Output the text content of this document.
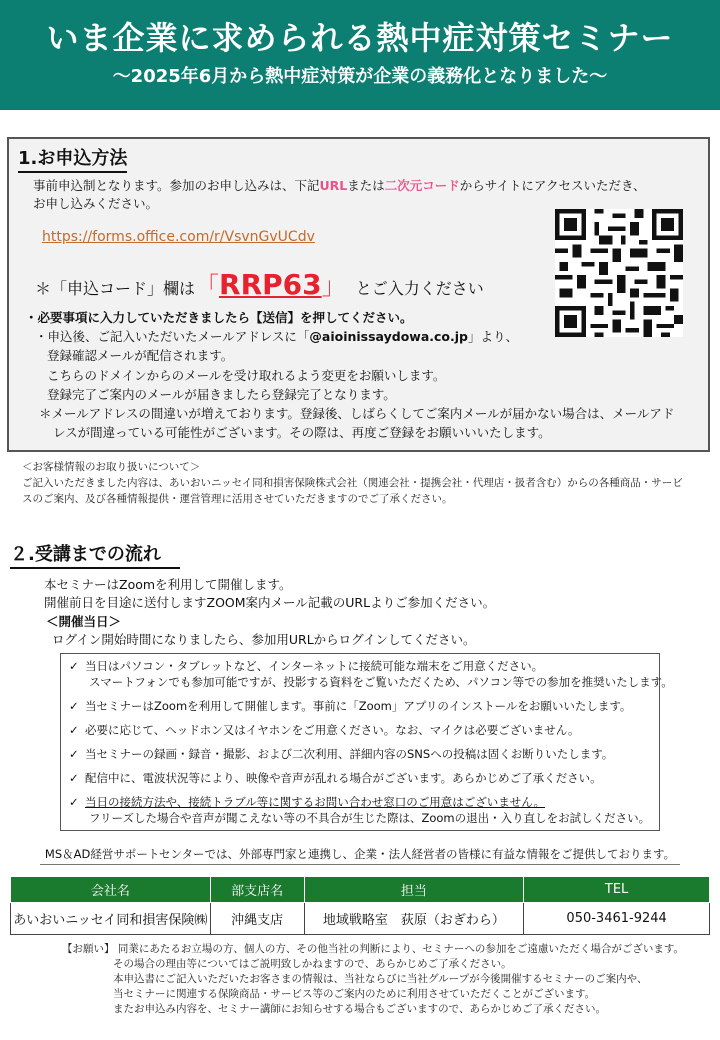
いま企業に求められる熱中症対策セミナー
～2025年6月から熱中症対策が企業の義務化となりました～
1.お申込方法
事前申込制となります。参加のお申し込みは、下記URLまたは二次元コードからサイトにアクセスいただき、
お申し込みください。
https://forms.office.com/r/VsvnGvUCdv
＊「申込コード」欄は「RRP63」 とご入力ください
・必要事項に入力していただきましたら【送信】を押してください。
・申込後、ご記入いただいたメールアドレスに「@aioinissaydowa.co.jp」より、
登録確認メールが配信されます。
こちらのドメインからのメールを受け取れるよう変更をお願いします。
登録完了ご案内のメールが届きましたら登録完了となります。
＊メールアドレスの間違いが増えております。登録後、しばらくしてご案内メールが届かない場合は、メールアド
レスが間違っている可能性がございます。その際は、再度ご登録をお願いいいたします。
＜お客様情報のお取り扱いについて＞
ご記入いただきました内容は、あいおいニッセイ同和損害保険株式会社（関連会社・提携会社・代理店・扱者含む）からの各種商品・サービ
スのご案内、及び各種情報提供・運営管理に活用させていただきますのでご了承ください。
２.受講までの流れ
本セミナーはZoomを利用して開催します。
開催前日を目途に送付しますZOOM案内メール記載のURLよりご参加ください。
＜開催当日＞
ログイン開始時間になりましたら、参加用URLからログインしてください。
✓ 当日はパソコン・タブレットなど、インターネットに接続可能な端末をご用意ください。
スマートフォンでも参加可能ですが、投影する資料をご覧いただくため、パソコン等での参加を推奨いたします。
✓ 当セミナーはZoomを利用して開催します。事前に「Zoom」アプリのインストールをお願いいたします。
✓ 必要に応じて、ヘッドホン又はイヤホンをご用意ください。なお、マイクは必要ございません。
✓ 当セミナーの録画・録音・撮影、および二次利用、詳細内容のSNSへの投稿は固くお断りいたします。
✓ 配信中に、電波状況等により、映像や音声が乱れる場合がございます。あらかじめご了承ください。
✓ 当日の接続方法や、接続トラブル等に関するお問い合わせ窓口のご用意はございません。
フリーズした場合や音声が聞こえない等の不具合が生じた際は、Zoomの退出・入り直しをお試しください。
MS＆AD経営サポートセンターでは、外部専門家と連携し、企業・法人経営者の皆様に有益な情報をご提供しております。
会社名	部支店名	担当	TEL
あいおいニッセイ同和損害保険㈱	沖縄支店	地域戦略室　荻原（おぎわら）	050-3461-9244
【お願い】 同業にあたるお立場の方、個人の方、その他当社の判断により、セミナーへの参加をご遠慮いただく場合がございます。
その場合の理由等についてはご説明致しかねますので、あらかじめご了承ください。
本申込書にご記入いただいたお客さまの情報は、当社ならびに当社グループが今後開催するセミナーのご案内や、
当セミナーに関連する保険商品・サービス等のご案内のために利用させていただくことがございます。
またお申込み内容を、セミナー講師にお知らせする場合もございますので、あらかじめご了承ください。
